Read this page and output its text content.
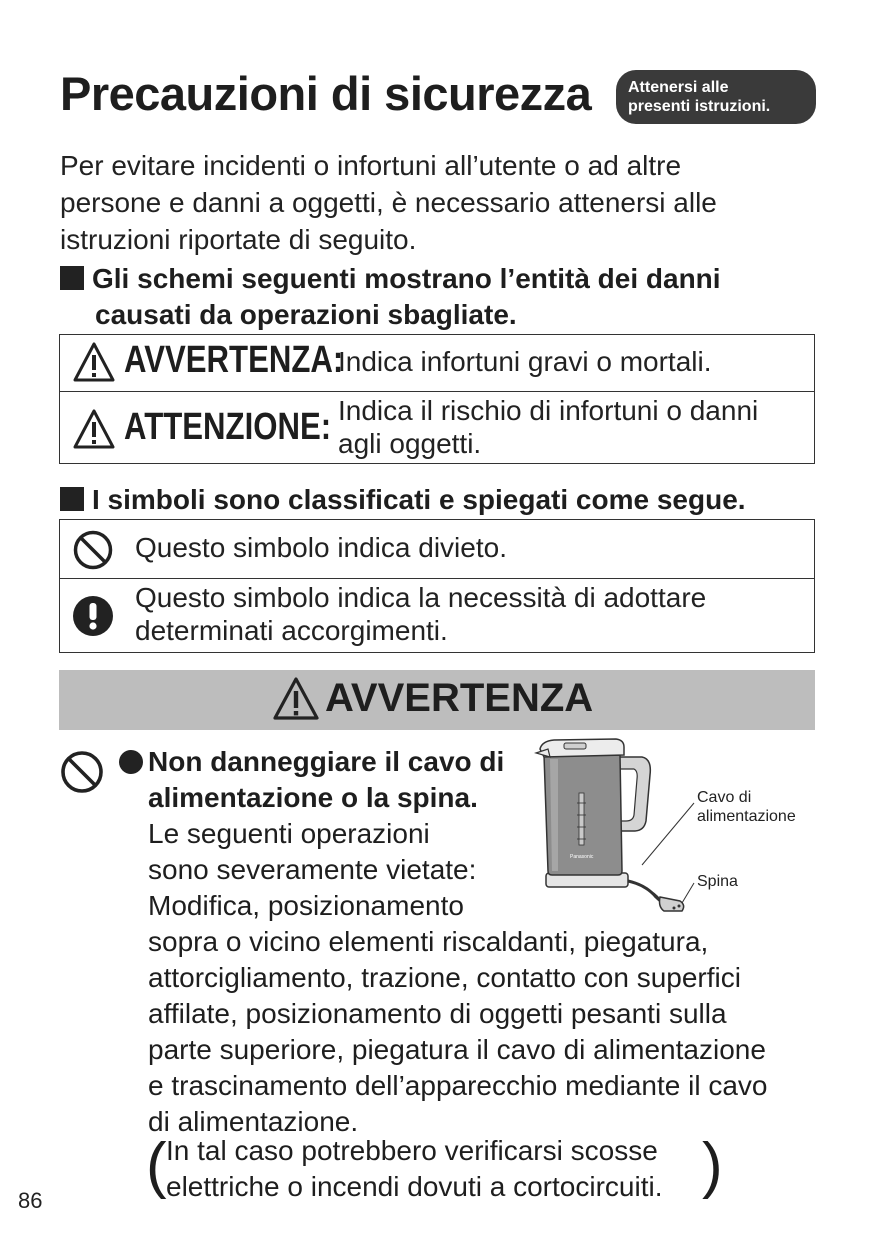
Precauzioni di sicurezza Attenersi alle
presenti istruzioni.
Per evitare incidenti o infortuni all’utente o ad altre
persone e danni a oggetti, è necessario attenersi alle
istruzioni riportate di seguito.
Gli schemi seguenti mostrano l’entità dei danni
causati da operazioni sbagliate.
AVVERTENZA:
Indica infortuni gravi o mortali.
ATTENZIONE: Indica il rischio di infortuni o danni
agli oggetti.
I simboli sono classificati e spiegati come segue.
Questo simbolo indica divieto.
Questo simbolo indica la necessità di adottare
determinati accorgimenti.
AVVERTENZA
Non danneggiare il cavo di
alimentazione o la spina.
Le seguenti operazioni
sono severamente vietate:
Modifica, posizionamento
sopra o vicino elementi riscaldanti, piegatura,
attorcigliamento, trazione, contatto con superfici
affilate, posizionamento di oggetti pesanti sulla
parte superiore, piegatura il cavo di alimentazione
e trascinamento dell’apparecchio mediante il cavo
di alimentazione.
( In tal caso potrebbero verificarsi scosse
elettriche o incendi dovuti a cortocircuiti. )
Panasonic
Cavo di
alimentazione
Spina
86
